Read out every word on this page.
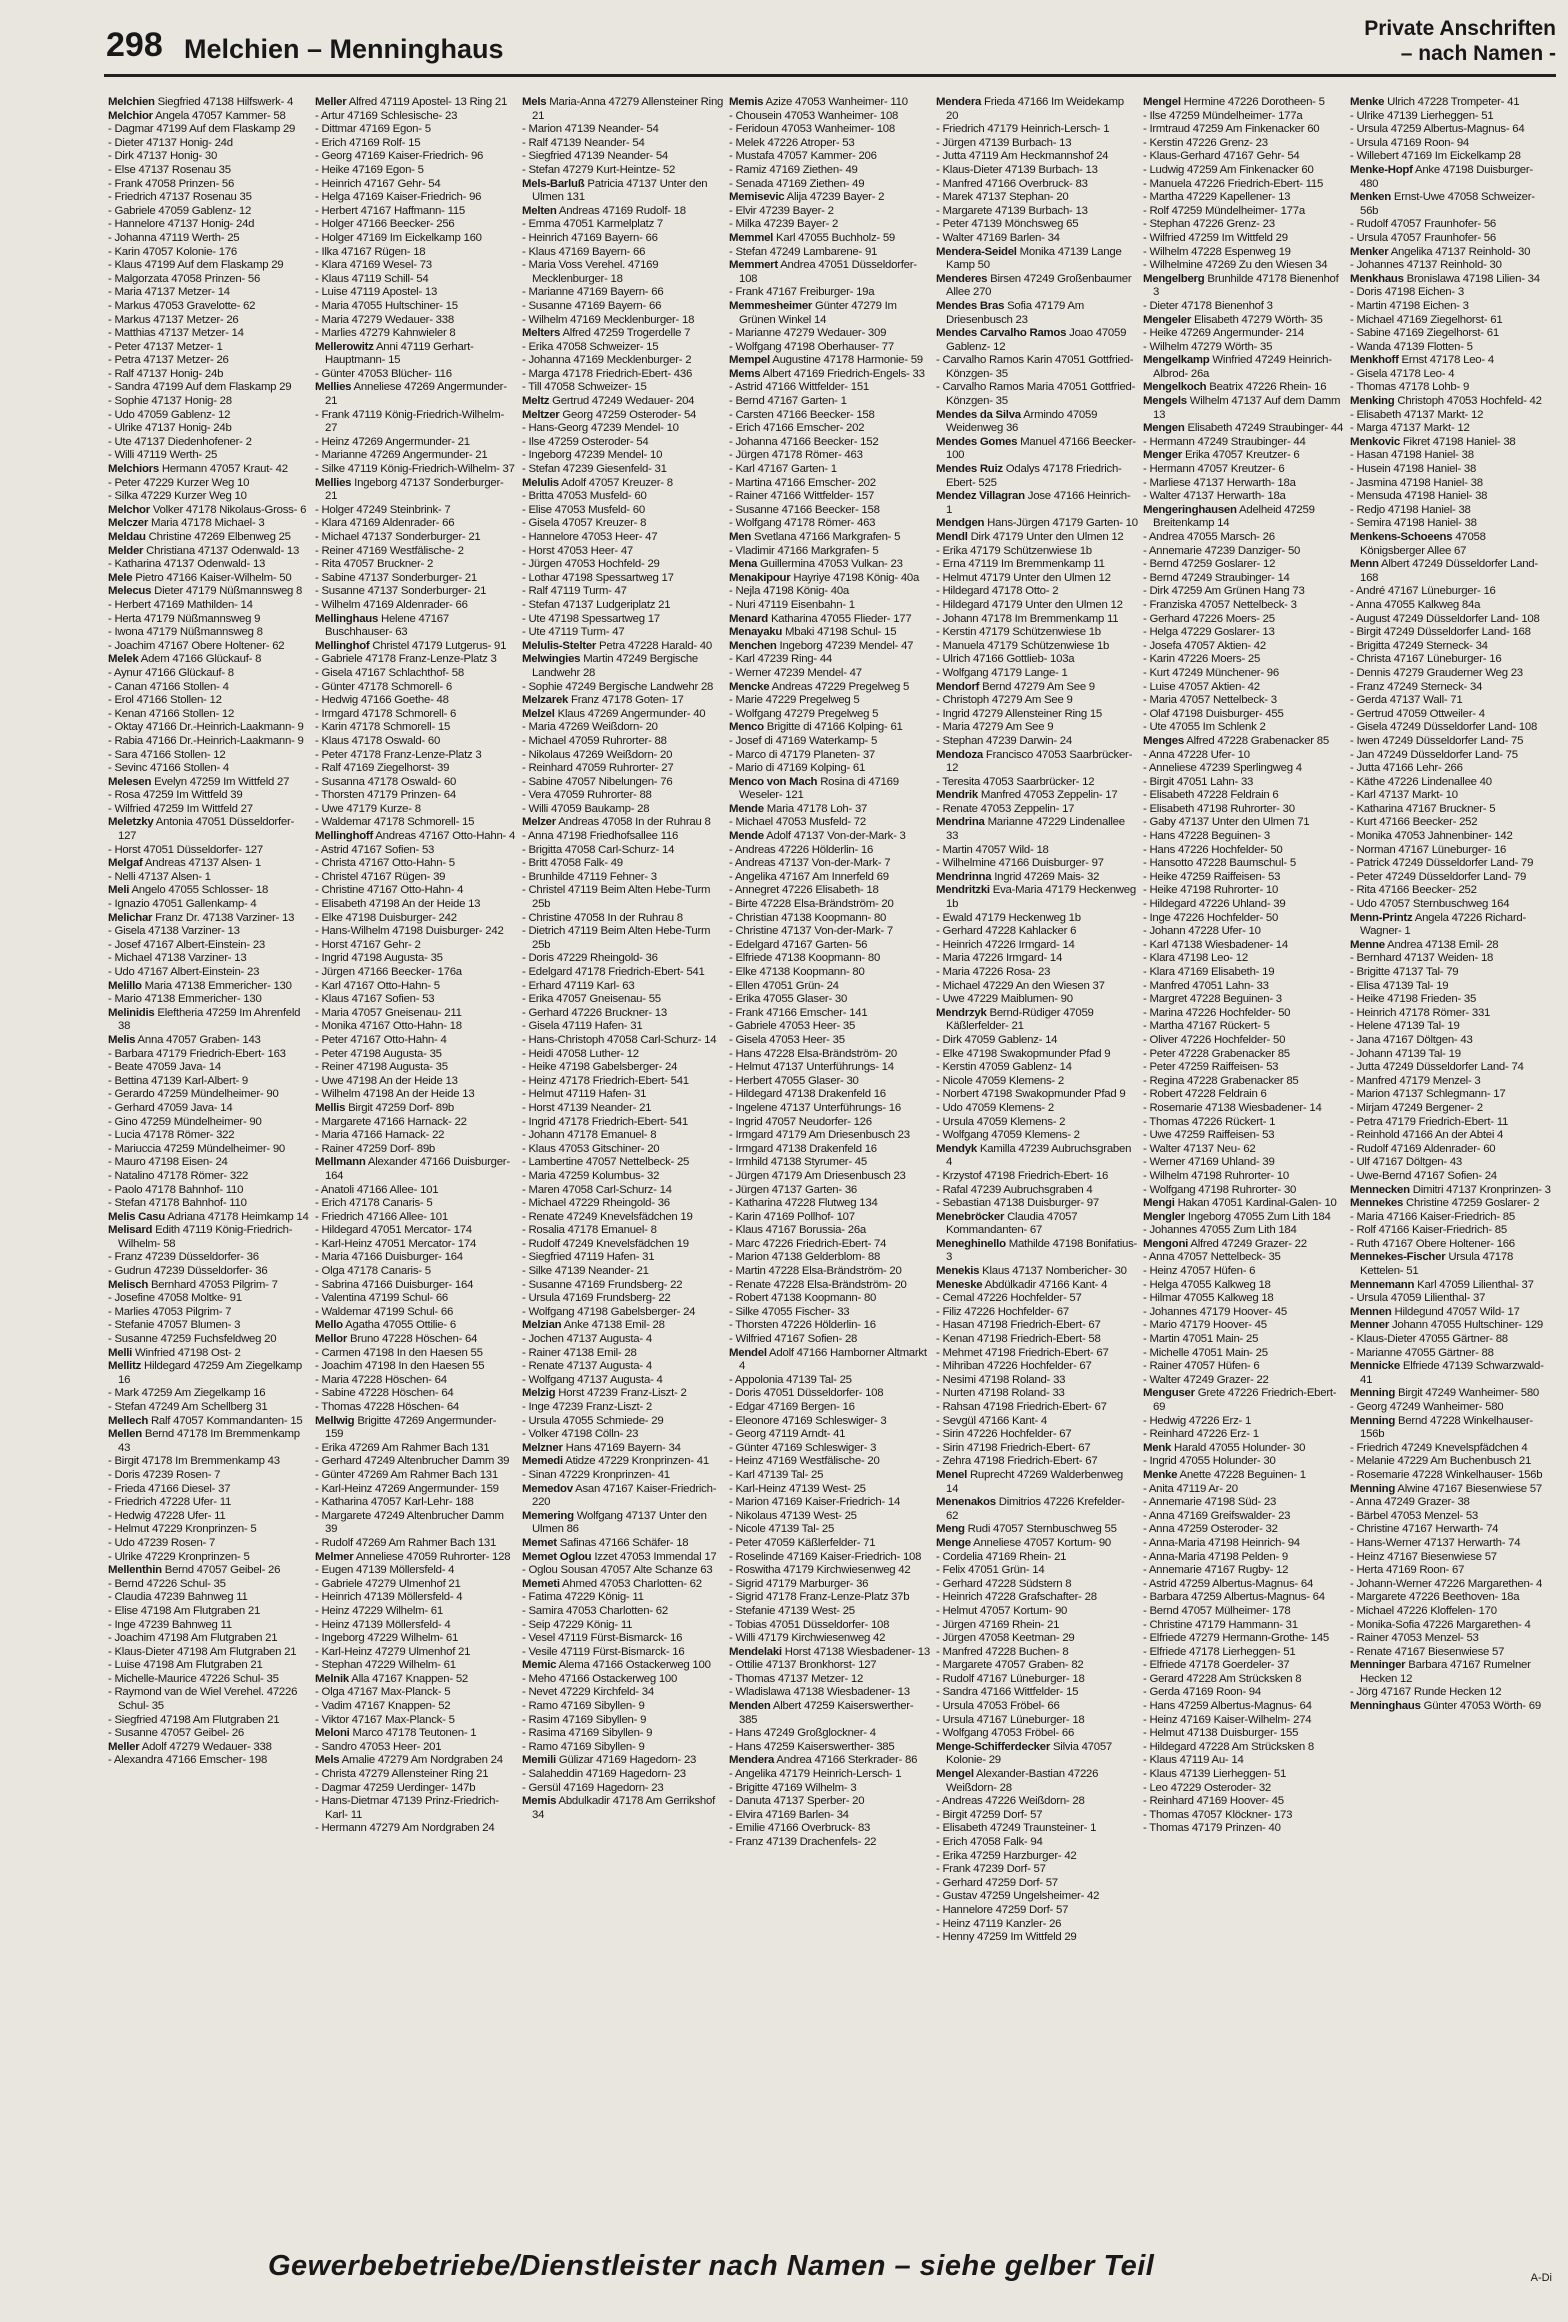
298 Melchien – Menninghaus
Private Anschriften
– nach Namen -
Melchien Siegfried 47138 Hilfswerk- 4
Melchior Angela 47057 Kammer- 58
- Dagmar 47199 Auf dem Flaskamp 29
- Dieter 47137 Honig- 24d
- Dirk 47137 Honig- 30
- Else 47137 Rosenau 35
- Frank 47058 Prinzen- 56
- Friedrich 47137 Rosenau 35
- Gabriele 47059 Gablenz- 12
- Hannelore 47137 Honig- 24d
- Johanna 47119 Werth- 25
- Karin 47057 Kolonie- 176
- Klaus 47199 Auf dem Flaskamp 29
- Malgorzata 47058 Prinzen- 56
- Maria 47137 Metzer- 14
- Markus 47053 Gravelotte- 62
- Markus 47137 Metzer- 26
- Matthias 47137 Metzer- 14
- Peter 47137 Metzer- 1
- Petra 47137 Metzer- 26
- Ralf 47137 Honig- 24b
- Sandra 47199 Auf dem Flaskamp 29
- Sophie 47137 Honig- 28
- Udo 47059 Gablenz- 12
- Ulrike 47137 Honig- 24b
- Ute 47137 Diedenhofener- 2
- Willi 47119 Werth- 25
Melchiors Hermann 47057 Kraut- 42
- Peter 47229 Kurzer Weg 10
- Silka 47229 Kurzer Weg 10
Melchor Volker 47178 Nikolaus-Gross- 6
Melczer Maria 47178 Michael- 3
Meldau Christine 47269 Elbenweg 25
Melder Christiana 47137 Odenwald- 13
- Katharina 47137 Odenwald- 13
Mele Pietro 47166 Kaiser-Wilhelm- 50
Melecus Dieter 47179 Nüßmannsweg 8
- Herbert 47169 Mathilden- 14
- Herta 47179 Nüßmannsweg 9
- Iwona 47179 Nüßmannsweg 8
- Joachim 47167 Obere Holtener- 62
Melek Adem 47166 Glückauf- 8
- Aynur 47166 Glückauf- 8
- Canan 47166 Stollen- 4
- Erol 47166 Stollen- 12
- Kenan 47166 Stollen- 12
- Oktay 47166 Dr.-Heinrich-Laakmann- 9
- Rabia 47166 Dr.-Heinrich-Laakmann- 9
- Sara 47166 Stollen- 12
- Sevinc 47166 Stollen- 4
Melesen Evelyn 47259 Im Wittfeld 27
- Rosa 47259 Im Wittfeld 39
- Wilfried 47259 Im Wittfeld 27
Meletzky Antonia 47051 Düsseldorfer- 127
- Horst 47051 Düsseldorfer- 127
Melgaf Andreas 47137 Alsen- 1
- Nelli 47137 Alsen- 1
Meli Angelo 47055 Schlosser- 18
- Ignazio 47051 Gallenkamp- 4
Melichar Franz Dr. 47138 Varziner- 13
- Gisela 47138 Varziner- 13
- Josef 47167 Albert-Einstein- 23
- Michael 47138 Varziner- 13
- Udo 47167 Albert-Einstein- 23
Melillo Maria 47138 Emmericher- 130
- Mario 47138 Emmericher- 130
Melinidis Eleftheria 47259 Im Ahrenfeld 38
Melis Anna 47057 Graben- 143
- Barbara 47179 Friedrich-Ebert- 163
- Beate 47059 Java- 14
- Bettina 47139 Karl-Albert- 9
- Gerardo 47259 Mündelheimer- 90
- Gerhard 47059 Java- 14
- Gino 47259 Mündelheimer- 90
- Lucia 47178 Römer- 322
- Mariuccia 47259 Mündelheimer- 90
- Mauro 47198 Eisen- 24
- Natalino 47178 Römer- 322
- Paolo 47178 Bahnhof- 110
- Stefan 47178 Bahnhof- 110
Melis Casu Adriana 47178 Heimkamp 14
Melisard Edith 47119 König-Friedrich-Wilhelm- 58
- Franz 47239 Düsseldorfer- 36
- Gudrun 47239 Düsseldorfer- 36
Melisch Bernhard 47053 Pilgrim- 7
- Josefine 47058 Moltke- 91
- Marlies 47053 Pilgrim- 7
- Stefanie 47057 Blumen- 3
- Susanne 47259 Fuchsfeldweg 20
Melli Winfried 47198 Ost- 2
Mellitz Hildegard 47259 Am Ziegelkamp 16
- Mark 47259 Am Ziegelkamp 16
- Stefan 47249 Am Schellberg 31
Mellech Ralf 47057 Kommandanten- 15
Mellen Bernd 47178 Im Bremmenkamp 43
- Birgit 47178 Im Bremmenkamp 43
- Doris 47239 Rosen- 7
- Frieda 47166 Diesel- 37
- Friedrich 47228 Ufer- 11
- Hedwig 47228 Ufer- 11
- Helmut 47229 Kronprinzen- 5
- Udo 47239 Rosen- 7
- Ulrike 47229 Kronprinzen- 5
Mellenthin Bernd 47057 Geibel- 26
- Bernd 47226 Schul- 35
- Claudia 47239 Bahnweg 11
- Elise 47198 Am Flutgraben 21
- Inge 47239 Bahnweg 11
- Joachim 47198 Am Flutgraben 21
- Klaus-Dieter 47198 Am Flutgraben 21
- Luise 47198 Am Flutgraben 21
- Michelle-Maurice 47226 Schul- 35
- Raymond van de Wiel Verehel. 47226 Schul- 35
- Siegfried 47198 Am Flutgraben 21
- Susanne 47057 Geibel- 26
Meller Adolf 47279 Wedauer- 338
- Alexandra 47166 Emscher- 198
Meller Alfred 47119 Apostel- 13 Ring 21
- Artur 47169 Schlesische- 23
- Dittmar 47169 Egon- 5
- Erich 47169 Rolf- 15
- Georg 47169 Kaiser-Friedrich- 96
- Heike 47169 Egon- 5
- Heinrich 47167 Gehr- 54
- Helga 47169 Kaiser-Friedrich- 96
- Herbert 47167 Haffmann- 115
- Holger 47166 Beecker- 256
- Holger 47169 Im Eickelkamp 160
- Ilka 47167 Rügen- 18
- Klara 47169 Wesel- 73
- Klaus 47119 Schill- 54
- Luise 47119 Apostel- 13
- Maria 47055 Hultschiner- 15
- Maria 47279 Wedauer- 338
- Marlies 47279 Kahnwieler 8
Mellerowitz Anni 47119 Gerhart-Hauptmann- 15
- Günter 47053 Blücher- 116
Mellies Anneliese 47269 Angermunder- 21
- Frank 47119 König-Friedrich-Wilhelm- 27
- Heinz 47269 Angermunder- 21
- Marianne 47269 Angermunder- 21
- Silke 47119 König-Friedrich-Wilhelm- 37
Mellies Ingeborg 47137 Sonderburger- 21
- Holger 47249 Steinbrink- 7
- Klara 47169 Aldenrader- 66
- Michael 47137 Sonderburger- 21
- Reiner 47169 Westfälische- 2
- Rita 47057 Bruckner- 2
- Sabine 47137 Sonderburger- 21
- Susanne 47137 Sonderburger- 21
- Wilhelm 47169 Aldenrader- 66
Mellinghaus Helene 47167 Buschhauser- 63
Mellinghof Christel 47179 Lutgerus- 91
- Gabriele 47178 Franz-Lenze-Platz 3
- Gisela 47167 Schlachthof- 58
- Günter 47178 Schmorell- 6
- Hedwig 47166 Goethe- 48
- Irmgard 47178 Schmorell- 6
- Karin 47178 Schmorell- 15
- Klaus 47178 Oswald- 60
- Peter 47178 Franz-Lenze-Platz 3
- Ralf 47169 Ziegelhorst- 39
- Susanna 47178 Oswald- 60
- Thorsten 47179 Prinzen- 64
- Uwe 47179 Kurze- 8
- Waldemar 47178 Schmorell- 15
Mellinghoff Andreas 47167 Otto-Hahn- 4
- Astrid 47167 Sofien- 53
- Christa 47167 Otto-Hahn- 5
- Christel 47167 Rügen- 39
- Christine 47167 Otto-Hahn- 4
- Elisabeth 47198 An der Heide 13
- Elke 47198 Duisburger- 242
- Hans-Wilhelm 47198 Duisburger- 242
- Horst 47167 Gehr- 2
- Ingrid 47198 Augusta- 35
- Jürgen 47166 Beecker- 176a
- Karl 47167 Otto-Hahn- 5
- Klaus 47167 Sofien- 53
- Maria 47057 Gneisenau- 211
- Monika 47167 Otto-Hahn- 18
- Peter 47167 Otto-Hahn- 4
- Peter 47198 Augusta- 35
- Reiner 47198 Augusta- 35
- Uwe 47198 An der Heide 13
- Wilhelm 47198 An der Heide 13
Mellis Birgit 47259 Dorf- 89b
- Margarete 47166 Harnack- 22
- Maria 47166 Harnack- 22
- Rainer 47259 Dorf- 89b
Mellmann Alexander 47166 Duisburger- 164
- Anatoli 47166 Allee- 101
- Erich 47178 Canaris- 5
- Friedrich 47166 Allee- 101
- Hildegard 47051 Mercator- 174
- Karl-Heinz 47051 Mercator- 174
- Maria 47166 Duisburger- 164
- Olga 47178 Canaris- 5
- Sabrina 47166 Duisburger- 164
- Valentina 47199 Schul- 66
- Waldemar 47199 Schul- 66
Mello Agatha 47055 Ottilie- 6
Mellor Bruno 47228 Höschen- 64
- Carmen 47198 In den Haesen 55
- Joachim 47198 In den Haesen 55
- Maria 47228 Höschen- 64
- Sabine 47228 Höschen- 64
- Thomas 47228 Höschen- 64
Mellwig Brigitte 47269 Angermunder- 159
- Erika 47269 Am Rahmer Bach 131
- Gerhard 47249 Altenbrucher Damm 39
- Günter 47269 Am Rahmer Bach 131
- Karl-Heinz 47269 Angermunder- 159
- Katharina 47057 Karl-Lehr- 188
- Margarete 47249 Altenbrucher Damm 39
- Rudolf 47269 Am Rahmer Bach 131
Melmer Anneliese 47059 Ruhrorter- 128
- Eugen 47139 Möllersfeld- 4
- Gabriele 47279 Ulmenhof 21
- Heinrich 47139 Möllersfeld- 4
- Heinz 47229 Wilhelm- 61
- Heinz 47139 Möllersfeld- 4
- Ingeborg 47229 Wilhelm- 61
- Karl-Heinz 47279 Ulmenhof 21
- Stephan 47229 Wilhelm- 61
Melnik Alla 47167 Knappen- 52
- Olga 47167 Max-Planck- 5
- Vadim 47167 Knappen- 52
- Viktor 47167 Max-Planck- 5
Meloni Marco 47178 Teutonen- 1
- Sandro 47053 Heer- 201
Mels Amalie 47279 Am Nordgraben 24
- Christa 47279 Allensteiner Ring 21
- Dagmar 47259 Uerdinger- 147b
- Hans-Dietmar 47139 Prinz-Friedrich-Karl- 11
- Hermann 47279 Am Nordgraben 24
Mels Maria-Anna 47279 Allensteiner Ring 21
- Marion 47139 Neander- 54
- Ralf 47139 Neander- 54
- Siegfried 47139 Neander- 54
- Stefan 47279 Kurt-Heintze- 52
Mels-Barluß Patricia 47137 Unter den Ulmen 131
Melten Andreas 47169 Rudolf- 18
- Emma 47051 Karmelplatz 7
- Heinrich 47169 Bayern- 66
- Klaus 47169 Bayern- 66
- Maria Voss Verehel. 47169 Mecklenburger- 18
- Marianne 47169 Bayern- 66
- Susanne 47169 Bayern- 66
- Wilhelm 47169 Mecklenburger- 18
Melters Alfred 47259 Trogerdelle 7
- Erika 47058 Schweizer- 15
- Johanna 47169 Mecklenburger- 2
- Marga 47178 Friedrich-Ebert- 436
- Till 47058 Schweizer- 15
Meltz Gertrud 47249 Wedauer- 204
Meltzer Georg 47259 Osteroder- 54
- Hans-Georg 47239 Mendel- 10
- Ilse 47259 Osteroder- 54
- Ingeborg 47239 Mendel- 10
- Stefan 47239 Giesenfeld- 31
Melulis Adolf 47057 Kreuzer- 8
- Britta 47053 Musfeld- 60
- Elise 47053 Musfeld- 60
- Gisela 47057 Kreuzer- 8
- Hannelore 47053 Heer- 47
- Horst 47053 Heer- 47
- Jürgen 47053 Hochfeld- 29
- Lothar 47198 Spessartweg 17
- Ralf 47119 Turm- 47
- Stefan 47137 Ludgeriplatz 21
- Ute 47198 Spessartweg 17
- Ute 47119 Turm- 47
Melulis-Stelter Petra 47228 Harald- 40
Melwingies Martin 47249 Bergische Landwehr 28
- Sophie 47249 Bergische Landwehr 28
Melzarek Franz 47178 Goten- 17
Melzel Klaus 47269 Angermunder- 40
- Maria 47269 Weißdorn- 20
- Michael 47059 Ruhrorter- 88
- Nikolaus 47269 Weißdorn- 20
- Reinhard 47059 Ruhrorter- 27
- Sabine 47057 Nibelungen- 76
- Vera 47059 Ruhrorter- 88
- Willi 47059 Baukamp- 28
Melzer Andreas 47058 In der Ruhrau 8
- Anna 47198 Friedhofsallee 116
- Brigitta 47058 Carl-Schurz- 14
- Britt 47058 Falk- 49
- Brunhilde 47119 Fehner- 3
- Christel 47119 Beim Alten Hebe-Turm 25b
- Christine 47058 In der Ruhrau 8
- Dietrich 47119 Beim Alten Hebe-Turm 25b
- Doris 47229 Rheingold- 36
- Edelgard 47178 Friedrich-Ebert- 541
- Erhard 47119 Karl- 63
- Erika 47057 Gneisenau- 55
- Gerhard 47226 Bruckner- 13
- Gisela 47119 Hafen- 31
- Hans-Christoph 47058 Carl-Schurz- 14
- Heidi 47058 Luther- 12
- Heike 47198 Gabelsberger- 24
- Heinz 47178 Friedrich-Ebert- 541
- Helmut 47119 Hafen- 31
- Horst 47139 Neander- 21
- Ingrid 47178 Friedrich-Ebert- 541
- Johann 47178 Emanuel- 8
- Klaus 47053 Gitschiner- 20
- Lambertine 47057 Nettelbeck- 25
- Maria 47259 Kolumbus- 32
- Maren 47058 Carl-Schurz- 14
- Michael 47229 Rheingold- 36
- Renate 47249 Knevelsfädchen 19
- Rosalia 47178 Emanuel- 8
- Rudolf 47249 Knevelsfädchen 19
- Siegfried 47119 Hafen- 31
- Silke 47139 Neander- 21
- Susanne 47169 Frundsberg- 22
- Ursula 47169 Frundsberg- 22
- Wolfgang 47198 Gabelsberger- 24
Melzian Anke 47138 Emil- 28
- Jochen 47137 Augusta- 4
- Rainer 47138 Emil- 28
- Renate 47137 Augusta- 4
- Wolfgang 47137 Augusta- 4
Melzig Horst 47239 Franz-Liszt- 2
- Inge 47239 Franz-Liszt- 2
- Ursula 47055 Schmiede- 29
- Volker 47198 Cölln- 23
Melzner Hans 47169 Bayern- 34
Memedi Atidze 47229 Kronprinzen- 41
- Sinan 47229 Kronprinzen- 41
Memedov Asan 47167 Kaiser-Friedrich- 220
Memering Wolfgang 47137 Unter den Ulmen 86
Memet Safinas 47166 Schäfer- 18
Memet Oglou Izzet 47053 Immendal 17
- Oglou Sousan 47057 Alte Schanze 63
Memeti Ahmed 47053 Charlotten- 62
- Fatima 47229 König- 11
- Samira 47053 Charlotten- 62
- Seip 47229 König- 11
- Vesel 47119 Fürst-Bismarck- 16
- Vesile 47119 Fürst-Bismarck- 16
Memic Alema 47166 Ostackerweg 100
- Meho 47166 Ostackerweg 100
- Nevet 47229 Kirchfeld- 34
- Ramo 47169 Sibyllen- 9
- Rasim 47169 Sibyllen- 9
- Rasima 47169 Sibyllen- 9
- Ramo 47169 Sibyllen- 9
Memili Gülizar 47169 Hagedorn- 23
- Salaheddin 47169 Hagedorn- 23
- Gersül 47169 Hagedorn- 23
Memis Abdulkadir 47178 Am Gerrikshof 34
Memis Azize 47053 Wanheimer- 110
- Chousein 47053 Wanheimer- 108
- Feridoun 47053 Wanheimer- 108
- Melek 47226 Atroper- 53
- Mustafa 47057 Kammer- 206
- Ramiz 47169 Ziethen- 49
- Senada 47169 Ziethen- 49
Memisevic Alija 47239 Bayer- 2
- Elvir 47239 Bayer- 2
- Milka 47239 Bayer- 2
Memmel Karl 47055 Buchholz- 59
- Stefan 47249 Lambarene- 91
Memmert Andrea 47051 Düsseldorfer- 108
- Frank 47167 Freiburger- 19a
Memmesheimer Günter 47279 Im Grünen Winkel 14
- Marianne 47279 Wedauer- 309
- Wolfgang 47198 Oberhauser- 77
Mempel Augustine 47178 Harmonie- 59
Mems Albert 47169 Friedrich-Engels- 33
- Astrid 47166 Wittfelder- 151
- Bernd 47167 Garten- 1
- Carsten 47166 Beecker- 158
- Erich 47166 Emscher- 202
- Johanna 47166 Beecker- 152
- Jürgen 47178 Römer- 463
- Karl 47167 Garten- 1
- Martina 47166 Emscher- 202
- Rainer 47166 Wittfelder- 157
- Susanne 47166 Beecker- 158
- Wolfgang 47178 Römer- 463
Men Svetlana 47166 Markgrafen- 5
- Vladimir 47166 Markgrafen- 5
Mena Guillermina 47053 Vulkan- 23
Menakipour Hayriye 47198 König- 40a
- Nejla 47198 König- 40a
- Nuri 47119 Eisenbahn- 1
Menard Katharina 47055 Flieder- 177
Menayaku Mbaki 47198 Schul- 15
Menchen Ingeborg 47239 Mendel- 47
- Karl 47239 Ring- 44
- Werner 47239 Mendel- 47
Mencke Andreas 47229 Pregelweg 5
- Marie 47229 Pregelweg 5
- Wolfgang 47279 Pregelweg 5
Menco Brigitte di 47166 Kolping- 61
- Josef di 47169 Waterkamp- 5
- Marco di 47179 Planeten- 37
- Mario di 47169 Kolping- 61
Menco von Mach Rosina di 47169 Weseler- 121
Mende Maria 47178 Loh- 37
- Michael 47053 Musfeld- 72
Mende Adolf 47137 Von-der-Mark- 3
- Andreas 47226 Hölderlin- 16
- Andreas 47137 Von-der-Mark- 7
- Angelika 47167 Am Innerfeld 69
- Annegret 47226 Elisabeth- 18
- Birte 47228 Elsa-Brändström- 20
- Christian 47138 Koopmann- 80
- Christine 47137 Von-der-Mark- 7
- Edelgard 47167 Garten- 56
- Elfriede 47138 Koopmann- 80
- Elke 47138 Koopmann- 80
- Ellen 47051 Grün- 24
- Erika 47055 Glaser- 30
- Frank 47166 Emscher- 141
- Gabriele 47053 Heer- 35
- Gisela 47053 Heer- 35
- Hans 47228 Elsa-Brändström- 20
- Helmut 47137 Unterführungs- 14
- Herbert 47055 Glaser- 30
- Hildegard 47138 Drakenfeld 16
- Ingelene 47137 Unterführungs- 16
- Ingrid 47057 Neudorfer- 126
- Irmgard 47179 Am Driesenbusch 23
- Irmgard 47138 Drakenfeld 16
- Irmhild 47138 Styrumer- 45
- Jürgen 47179 Am Driesenbusch 23
- Jürgen 47137 Garten- 36
- Katharina 47228 Flutweg 134
- Karin 47169 Pollhof- 107
- Klaus 47167 Borussia- 26a
- Marc 47226 Friedrich-Ebert- 74
- Marion 47138 Gelderblom- 88
- Martin 47228 Elsa-Brändström- 20
- Renate 47228 Elsa-Brändström- 20
- Robert 47138 Koopmann- 80
- Silke 47055 Fischer- 33
- Thorsten 47226 Hölderlin- 16
- Wilfried 47167 Sofien- 28
Mendel Adolf 47166 Hamborner Altmarkt 4
- Appolonia 47139 Tal- 25
- Doris 47051 Düsseldorfer- 108
- Edgar 47169 Bergen- 16
- Eleonore 47169 Schleswiger- 3
- Georg 47119 Arndt- 41
- Günter 47169 Schleswiger- 3
- Heinz 47169 Westfälische- 20
- Karl 47139 Tal- 25
- Karl-Heinz 47139 West- 25
- Marion 47169 Kaiser-Friedrich- 14
- Nikolaus 47139 West- 25
- Nicole 47139 Tal- 25
- Peter 47059 Käßlerfelder- 71
- Roselinde 47169 Kaiser-Friedrich- 108
- Roswitha 47179 Kirchwiesenweg 42
- Sigrid 47179 Marburger- 36
- Sigrid 47178 Franz-Lenze-Platz 37b
- Stefanie 47139 West- 25
- Tobias 47051 Düsseldorfer- 108
- Willi 47179 Kirchwiesenweg 42
Mendelaki Horst 47138 Wiesbadener- 13
- Ottilie 47137 Bronkhorst- 127
- Thomas 47137 Metzer- 12
- Wladislawa 47138 Wiesbadener- 13
Menden Albert 47259 Kaiserswerther- 385
- Hans 47249 Großglockner- 4
- Hans 47259 Kaiserswerther- 385
Mendera Andrea 47166 Sterkrader- 86
- Angelika 47179 Heinrich-Lersch- 1
- Brigitte 47169 Wilhelm- 3
- Danuta 47137 Sperber- 20
- Elvira 47169 Barlen- 34
- Emilie 47166 Overbruck- 83
- Franz 47139 Drachenfels- 22
Mendera Frieda 47166 Im Weidekamp 20
- Friedrich 47179 Heinrich-Lersch- 1
- Jürgen 47139 Burbach- 13
- Jutta 47119 Am Heckmannshof 24
- Klaus-Dieter 47139 Burbach- 13
- Manfred 47166 Overbruck- 83
- Marek 47137 Stephan- 20
- Margarete 47139 Burbach- 13
- Peter 47139 Mönchsweg 65
- Walter 47169 Barlen- 34
Mendera-Seidel Monika 47139 Lange Kamp 50
Menderes Birsen 47249 Großenbaumer Allee 270
Mendes Bras Sofia 47179 Am Driesenbusch 23
Mendes Carvalho Ramos Joao 47059 Gablenz- 12
- Carvalho Ramos Karin 47051 Gottfried-Könzgen- 35
- Carvalho Ramos Maria 47051 Gottfried-Könzgen- 35
Mendes da Silva Armindo 47059 Weidenweg 36
Mendes Gomes Manuel 47166 Beecker- 100
Mendes Ruiz Odalys 47178 Friedrich-Ebert- 525
Mendez Villagran Jose 47166 Heinrich- 1
Mendgen Hans-Jürgen 47179 Garten- 10
Mendl Dirk 47179 Unter den Ulmen 12
- Erika 47179 Schützenwiese 1b
- Erna 47119 Im Bremmenkamp 11
- Helmut 47179 Unter den Ulmen 12
- Hildegard 47178 Otto- 2
- Hildegard 47179 Unter den Ulmen 12
- Johann 47178 Im Bremmenkamp 11
- Kerstin 47179 Schützenwiese 1b
- Manuela 47179 Schützenwiese 1b
- Ulrich 47166 Gottlieb- 103a
- Wolfgang 47179 Lange- 1
Mendorf Bernd 47279 Am See 9
- Christoph 47279 Am See 9
- Ingrid 47279 Allensteiner Ring 15
- Maria 47279 Am See 9
- Stephan 47239 Darwin- 24
Mendoza Francisco 47053 Saarbrücker- 12
- Teresita 47053 Saarbrücker- 12
Mendrik Manfred 47053 Zeppelin- 17
- Renate 47053 Zeppelin- 17
Mendrina Marianne 47229 Lindenallee 33
- Martin 47057 Wild- 18
- Wilhelmine 47166 Duisburger- 97
Mendrinna Ingrid 47269 Mais- 32
Mendritzki Eva-Maria 47179 Heckenweg 1b
- Ewald 47179 Heckenweg 1b
- Gerhard 47228 Kahlacker 6
- Heinrich 47226 Irmgard- 14
- Maria 47226 Irmgard- 14
- Maria 47226 Rosa- 23
- Michael 47229 An den Wiesen 37
- Uwe 47229 Maiblumen- 90
Mendrzyk Bernd-Rüdiger 47059 Käßlerfelder- 21
- Dirk 47059 Gablenz- 14
- Elke 47198 Swakopmunder Pfad 9
- Kerstin 47059 Gablenz- 14
- Nicole 47059 Klemens- 2
- Norbert 47198 Swakopmunder Pfad 9
- Udo 47059 Klemens- 2
- Ursula 47059 Klemens- 2
- Wolfgang 47059 Klemens- 2
Mendyk Kamilla 47239 Aubruchsgraben 4
- Krzystof 47198 Friedrich-Ebert- 16
- Rafal 47239 Aubruchsgraben 4
- Sebastian 47138 Duisburger- 97
Menebröcker Claudia 47057 Kommandanten- 67
Meneghinello Mathilde 47198 Bonifatius- 3
Menekis Klaus 47137 Nombericher- 30
Meneske Abdülkadir 47166 Kant- 4
- Cemal 47226 Hochfelder- 57
- Filiz 47226 Hochfelder- 67
- Hasan 47198 Friedrich-Ebert- 67
- Kenan 47198 Friedrich-Ebert- 58
- Mehmet 47198 Friedrich-Ebert- 67
- Mihriban 47226 Hochfelder- 67
- Nesimi 47198 Roland- 33
- Nurten 47198 Roland- 33
- Rahsan 47198 Friedrich-Ebert- 67
- Sevgül 47166 Kant- 4
- Sirin 47226 Hochfelder- 67
- Sirin 47198 Friedrich-Ebert- 67
- Zehra 47198 Friedrich-Ebert- 67
Menel Ruprecht 47269 Walderbenweg 14
Menenakos Dimitrios 47226 Krefelder- 62
Meng Rudi 47057 Sternbuschweg 55
Menge Anneliese 47057 Kortum- 90
- Cordelia 47169 Rhein- 21
- Felix 47051 Grün- 14
- Gerhard 47228 Südstern 8
- Heinrich 47228 Grafschafter- 28
- Helmut 47057 Kortum- 90
- Jürgen 47169 Rhein- 21
- Jürgen 47058 Keetman- 29
- Manfred 47228 Buchen- 8
- Margarete 47057 Graben- 82
- Rudolf 47167 Lüneburger- 18
- Sandra 47166 Wittfelder- 15
- Ursula 47053 Fröbel- 66
- Ursula 47167 Lüneburger- 18
- Wolfgang 47053 Fröbel- 66
Menge-Schifferdecker Silvia 47057 Kolonie- 29
Mengel Alexander-Bastian 47226 Weißdorn- 28
- Andreas 47226 Weißdorn- 28
- Birgit 47259 Dorf- 57
- Elisabeth 47249 Traunsteiner- 1
- Erich 47058 Falk- 94
- Erika 47259 Harzburger- 42
- Frank 47239 Dorf- 57
- Gerhard 47259 Dorf- 57
- Gustav 47259 Ungelsheimer- 42
- Hannelore 47259 Dorf- 57
- Heinz 47119 Kanzler- 26
- Henny 47259 Im Wittfeld 29
Mengel Hermine 47226 Dorotheen- 5
- Ilse 47259 Mündelheimer- 177a
- Irmtraud 47259 Am Finkenacker 60
- Kerstin 47226 Grenz- 23
- Klaus-Gerhard 47167 Gehr- 54
- Ludwig 47259 Am Finkenacker 60
- Manuela 47226 Friedrich-Ebert- 115
- Martha 47229 Kapellener- 13
- Rolf 47259 Mündelheimer- 177a
- Stephan 47226 Grenz- 23
- Wilfried 47259 Im Wittfeld 29
- Wilhelm 47228 Espenweg 19
- Wilhelmine 47269 Zu den Wiesen 34
Mengelberg Brunhilde 47178 Bienenhof 3
- Dieter 47178 Bienenhof 3
Mengeler Elisabeth 47279 Wörth- 35
- Heike 47269 Angermunder- 214
- Wilhelm 47279 Wörth- 35
Mengelkamp Winfried 47249 Heinrich-Albrod- 26a
Mengelkoch Beatrix 47226 Rhein- 16
Mengels Wilhelm 47137 Auf dem Damm 13
Mengen Elisabeth 47249 Straubinger- 44
- Hermann 47249 Straubinger- 44
Menger Erika 47057 Kreutzer- 6
- Hermann 47057 Kreutzer- 6
- Marliese 47137 Herwarth- 18a
- Walter 47137 Herwarth- 18a
Mengeringhausen Adelheid 47259 Breitenkamp 14
- Andrea 47055 Marsch- 26
- Annemarie 47239 Danziger- 50
- Bernd 47259 Goslarer- 12
- Bernd 47249 Straubinger- 14
- Dirk 47259 Am Grünen Hang 73
- Franziska 47057 Nettelbeck- 3
- Gerhard 47226 Moers- 25
- Helga 47229 Goslarer- 13
- Josefa 47057 Aktien- 42
- Karin 47226 Moers- 25
- Kurt 47249 Münchener- 96
- Luise 47057 Aktien- 42
- Maria 47057 Nettelbeck- 3
- Olaf 47198 Duisburger- 455
- Ute 47055 Im Schlenk 2
Menges Alfred 47228 Grabenacker 85
- Anna 47228 Ufer- 10
- Anneliese 47239 Sperlingweg 4
- Birgit 47051 Lahn- 33
- Elisabeth 47228 Feldrain 6
- Elisabeth 47198 Ruhrorter- 30
- Gaby 47137 Unter den Ulmen 71
- Hans 47228 Beguinen- 3
- Hans 47226 Hochfelder- 50
- Hansotto 47228 Baumschul- 5
- Heike 47259 Raiffeisen- 53
- Heike 47198 Ruhrorter- 10
- Hildegard 47226 Uhland- 39
- Inge 47226 Hochfelder- 50
- Johann 47228 Ufer- 10
- Karl 47138 Wiesbadener- 14
- Klara 47198 Leo- 12
- Klara 47169 Elisabeth- 19
- Manfred 47051 Lahn- 33
- Margret 47228 Beguinen- 3
- Marina 47226 Hochfelder- 50
- Martha 47167 Rückert- 5
- Oliver 47226 Hochfelder- 50
- Peter 47228 Grabenacker 85
- Peter 47259 Raiffeisen- 53
- Regina 47228 Grabenacker 85
- Robert 47228 Feldrain 6
- Rosemarie 47138 Wiesbadener- 14
- Thomas 47226 Rückert- 1
- Uwe 47259 Raiffeisen- 53
- Walter 47137 Neu- 62
- Werner 47169 Uhland- 39
- Wilhelm 47198 Ruhrorter- 10
- Wolfgang 47198 Ruhrorter- 30
Mengi Hakan 47051 Kardinal-Galen- 10
Mengler Ingeborg 47055 Zum Lith 184
- Johannes 47055 Zum Lith 184
Mengoni Alfred 47249 Grazer- 22
- Anna 47057 Nettelbeck- 35
- Heinz 47057 Hüfen- 6
- Helga 47055 Kalkweg 18
- Hilmar 47055 Kalkweg 18
- Johannes 47179 Hoover- 45
- Mario 47179 Hoover- 45
- Martin 47051 Main- 25
- Michelle 47051 Main- 25
- Rainer 47057 Hüfen- 6
- Walter 47249 Grazer- 22
Menguser Grete 47226 Friedrich-Ebert- 69
- Hedwig 47226 Erz- 1
- Reinhard 47226 Erz- 1
Menk Harald 47055 Holunder- 30
- Ingrid 47055 Holunder- 30
Menke Anette 47228 Beguinen- 1
- Anita 47119 Ar- 20
- Annemarie 47198 Süd- 23
- Anna 47169 Greifswalder- 23
- Anna 47259 Osteroder- 32
- Anna-Maria 47198 Heinrich- 94
- Anna-Maria 47198 Pelden- 9
- Annemarie 47167 Rugby- 12
- Astrid 47259 Albertus-Magnus- 64
- Barbara 47259 Albertus-Magnus- 64
- Bernd 47057 Mülheimer- 178
- Christine 47179 Hammann- 31
- Elfriede 47279 Hermann-Grothe- 145
- Elfriede 47178 Lierheggen- 51
- Elfriede 47178 Goerdeler- 37
- Gerard 47228 Am Strücksken 8
- Gerda 47169 Roon- 94
- Hans 47259 Albertus-Magnus- 64
- Heinz 47169 Kaiser-Wilhelm- 274
- Helmut 47138 Duisburger- 155
- Hildegard 47228 Am Strücksken 8
- Klaus 47119 Au- 14
- Klaus 47139 Lierheggen- 51
- Leo 47229 Osteroder- 32
- Reinhard 47169 Hoover- 45
- Thomas 47057 Klöckner- 173
- Thomas 47179 Prinzen- 40
Menke Ulrich 47228 Trompeter- 41
- Ulrike 47139 Lierheggen- 51
- Ursula 47259 Albertus-Magnus- 64
- Ursula 47169 Roon- 94
- Willebert 47169 Im Eickelkamp 28
Menke-Hopf Anke 47198 Duisburger- 480
Menken Ernst-Uwe 47058 Schweizer- 56b
- Rudolf 47057 Fraunhofer- 56
- Ursula 47057 Fraunhofer- 56
Menker Angelika 47137 Reinhold- 30
- Johannes 47137 Reinhold- 30
Menkhaus Bronislawa 47198 Lilien- 34
- Doris 47198 Eichen- 3
- Martin 47198 Eichen- 3
- Michael 47169 Ziegelhorst- 61
- Sabine 47169 Ziegelhorst- 61
- Wanda 47139 Flotten- 5
Menkhoff Ernst 47178 Leo- 4
- Gisela 47178 Leo- 4
- Thomas 47178 Lohb- 9
Menking Christoph 47053 Hochfeld- 42
- Elisabeth 47137 Markt- 12
- Marga 47137 Markt- 12
Menkovic Fikret 47198 Haniel- 38
- Hasan 47198 Haniel- 38
- Husein 47198 Haniel- 38
- Jasmina 47198 Haniel- 38
- Mensuda 47198 Haniel- 38
- Redjo 47198 Haniel- 38
- Semira 47198 Haniel- 38
Menkens-Schoeens 47058 Königsberger Allee 67
Menn Albert 47249 Düsseldorfer Land- 168
- André 47167 Lüneburger- 16
- Anna 47055 Kalkweg 84a
- August 47249 Düsseldorfer Land- 108
- Birgit 47249 Düsseldorfer Land- 168
- Brigitta 47249 Sterneck- 34
- Christa 47167 Lüneburger- 16
- Dennis 47279 Grauderner Weg 23
- Franz 47249 Sterneck- 34
- Gerda 47137 Wall- 71
- Gertrud 47059 Ottweiler- 4
- Gisela 47249 Düsseldorfer Land- 108
- Iwen 47249 Düsseldorfer Land- 75
- Jan 47249 Düsseldorfer Land- 75
- Jutta 47166 Lehr- 266
- Käthe 47226 Lindenallee 40
- Karl 47137 Markt- 10
- Katharina 47167 Bruckner- 5
- Kurt 47166 Beecker- 252
- Monika 47053 Jahnenbiner- 142
- Norman 47167 Lüneburger- 16
- Patrick 47249 Düsseldorfer Land- 79
- Peter 47249 Düsseldorfer Land- 79
- Rita 47166 Beecker- 252
- Udo 47057 Sternbuschweg 164
Menn-Printz Angela 47226 Richard-Wagner- 1
Menne Andrea 47138 Emil- 28
- Bernhard 47137 Weiden- 18
- Brigitte 47137 Tal- 79
- Elisa 47139 Tal- 19
- Heike 47198 Frieden- 35
- Heinrich 47178 Römer- 331
- Helene 47139 Tal- 19
- Jana 47167 Döltgen- 43
- Johann 47139 Tal- 19
- Jutta 47249 Düsseldorfer Land- 74
- Manfred 47179 Menzel- 3
- Marion 47137 Schlegmann- 17
- Mirjam 47249 Bergener- 2
- Petra 47179 Friedrich-Ebert- 11
- Reinhold 47166 An der Abtei 4
- Rudolf 47169 Aldenrader- 60
- Ulf 47167 Döltgen- 43
- Uwe-Bernd 47167 Sofien- 24
Mennecken Dimitri 47137 Kronprinzen- 3
Mennekes Christine 47259 Goslarer- 2
- Maria 47166 Kaiser-Friedrich- 85
- Rolf 47166 Kaiser-Friedrich- 85
- Ruth 47167 Obere Holtener- 166
Mennekes-Fischer Ursula 47178 Kettelen- 51
Mennemann Karl 47059 Lilienthal- 37
- Ursula 47059 Lilienthal- 37
Mennen Hildegund 47057 Wild- 17
Menner Johann 47055 Hultschiner- 129
- Klaus-Dieter 47055 Gärtner- 88
- Marianne 47055 Gärtner- 88
Mennicke Elfriede 47139 Schwarzwald- 41
Menning Birgit 47249 Wanheimer- 580
- Georg 47249 Wanheimer- 580
Menning Bernd 47228 Winkelhauser- 156b
- Friedrich 47249 Knevelspfädchen 4
- Melanie 47229 Am Buchenbusch 21
- Rosemarie 47228 Winkelhauser- 156b
Menning Alwine 47167 Biesenwiese 57
- Anna 47249 Grazer- 38
- Bärbel 47053 Menzel- 53
- Christine 47167 Herwarth- 74
- Hans-Werner 47137 Herwarth- 74
- Heinz 47167 Biesenwiese 57
- Herta 47169 Roon- 67
- Johann-Werner 47226 Margarethen- 4
- Margarete 47226 Beethoven- 18a
- Michael 47226 Kloffelen- 170
- Monika-Sofia 47226 Margarethen- 4
- Rainer 47053 Menzel- 53
- Renate 47167 Biesenwiese 57
Menninger Barbara 47167 Rumelner Hecken 12
- Jörg 47167 Runde Hecken 12
Menninghaus Günter 47053 Wörth- 69
Gewerbebetriebe/Dienstleister nach Namen – siehe gelber Teil	A-Di
